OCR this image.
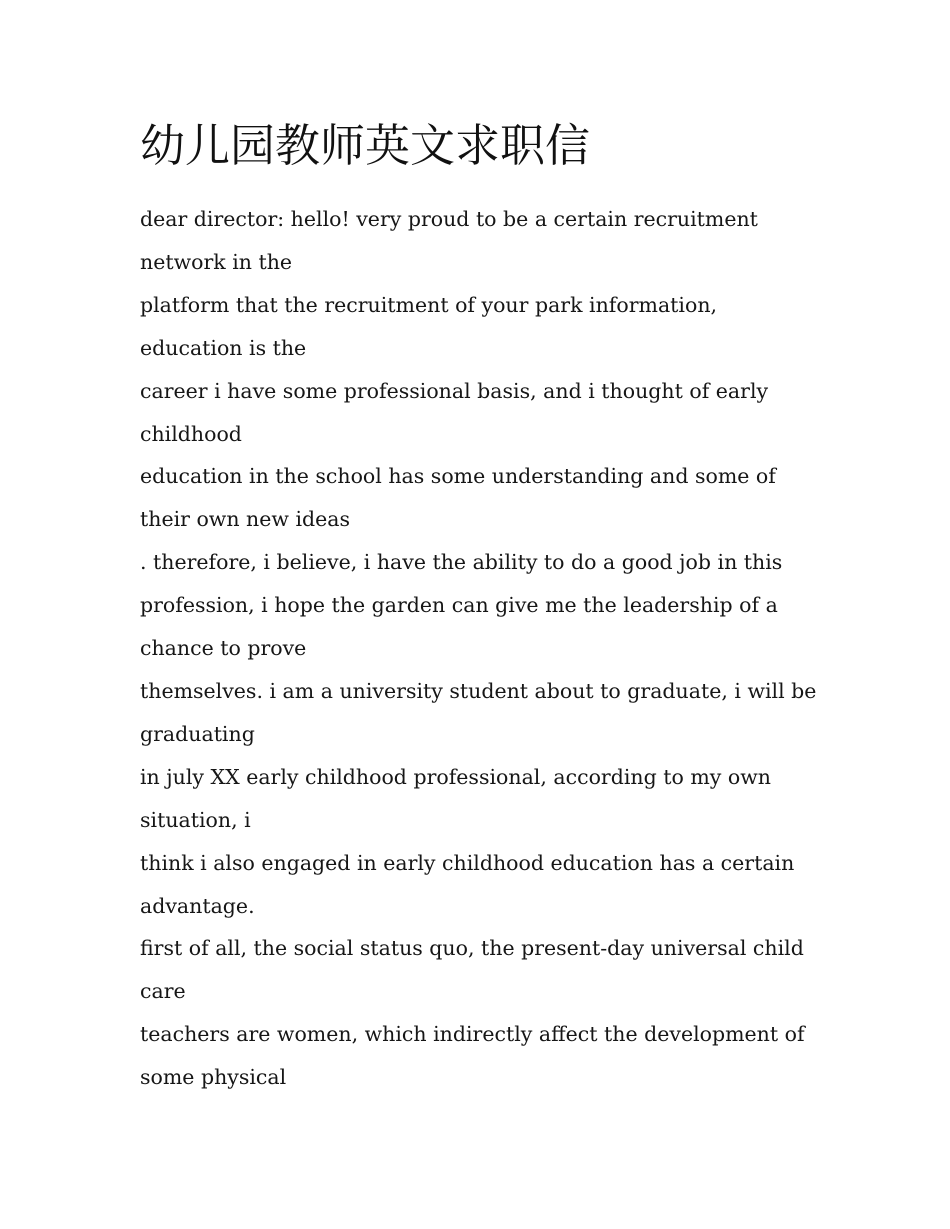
幼儿园教师英文求职信
dear director: hello! very proud to be a certain recruitment
network in the
platform that the recruitment of your park information,
education is the
career i have some professional basis, and i thought of early
childhood
education in the school has some understanding and some of
their own new ideas
. therefore, i believe, i have the ability to do a good job in this
profession, i hope the garden can give me the leadership of a
chance to prove
themselves. i am a university student about to graduate, i will be
graduating
in july XX early childhood professional, according to my own
situation, i
think i also engaged in early childhood education has a certain
advantage.
first of all, the social status quo, the present-day universal child
care
teachers are women, which indirectly affect the development of
some physical
